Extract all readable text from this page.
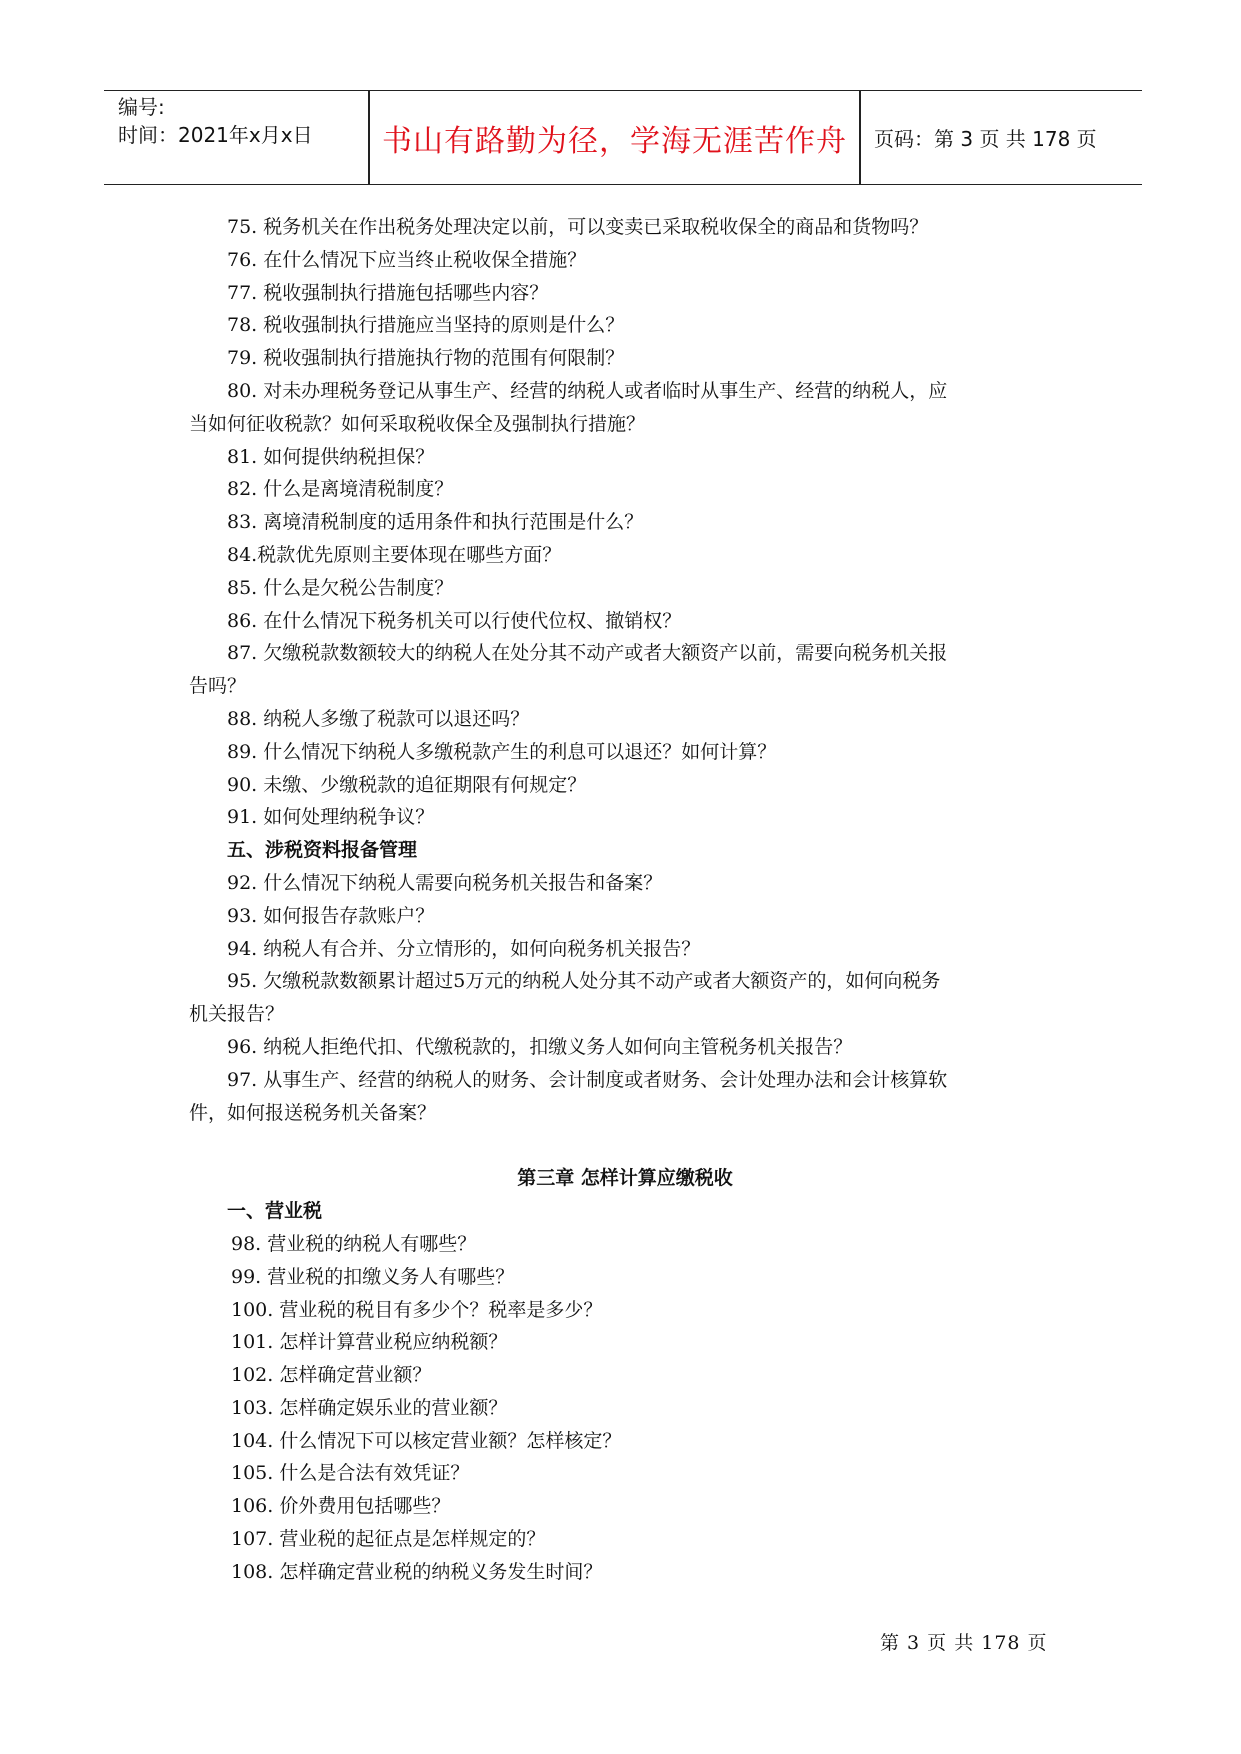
编号:
时间：2021年x月x日	书山有路勤为径，学海无涯苦作舟	页码：第 3 页 共 178 页
75. 税务机关在作出税务处理决定以前，可以变卖已采取税收保全的商品和货物吗？
76. 在什么情况下应当终止税收保全措施？
77. 税收强制执行措施包括哪些内容？
78. 税收强制执行措施应当坚持的原则是什么？
79. 税收强制执行措施执行物的范围有何限制？
80. 对未办理税务登记从事生产、经营的纳税人或者临时从事生产、经营的纳税人，应
当如何征收税款？如何采取税收保全及强制执行措施？
81. 如何提供纳税担保？
82. 什么是离境清税制度？
83. 离境清税制度的适用条件和执行范围是什么？
84.税款优先原则主要体现在哪些方面？
85. 什么是欠税公告制度？
86. 在什么情况下税务机关可以行使代位权、撤销权？
87. 欠缴税款数额较大的纳税人在处分其不动产或者大额资产以前，需要向税务机关报
告吗？
88. 纳税人多缴了税款可以退还吗？
89. 什么情况下纳税人多缴税款产生的利息可以退还？如何计算？
90. 未缴、少缴税款的追征期限有何规定？
91. 如何处理纳税争议？
五、涉税资料报备管理
92. 什么情况下纳税人需要向税务机关报告和备案？
93. 如何报告存款账户？
94. 纳税人有合并、分立情形的，如何向税务机关报告？
95. 欠缴税款数额累计超过5万元的纳税人处分其不动产或者大额资产的，如何向税务
机关报告？
96. 纳税人拒绝代扣、代缴税款的，扣缴义务人如何向主管税务机关报告？
97. 从事生产、经营的纳税人的财务、会计制度或者财务、会计处理办法和会计核算软
件，如何报送税务机关备案？
第三章 怎样计算应缴税收
一、营业税
98. 营业税的纳税人有哪些？
99. 营业税的扣缴义务人有哪些？
100. 营业税的税目有多少个？税率是多少？
101. 怎样计算营业税应纳税额？
102. 怎样确定营业额？
103. 怎样确定娱乐业的营业额？
104. 什么情况下可以核定营业额？怎样核定？
105. 什么是合法有效凭证？
106. 价外费用包括哪些？
107. 营业税的起征点是怎样规定的？
108. 怎样确定营业税的纳税义务发生时间？
第 3 页 共 178 页
